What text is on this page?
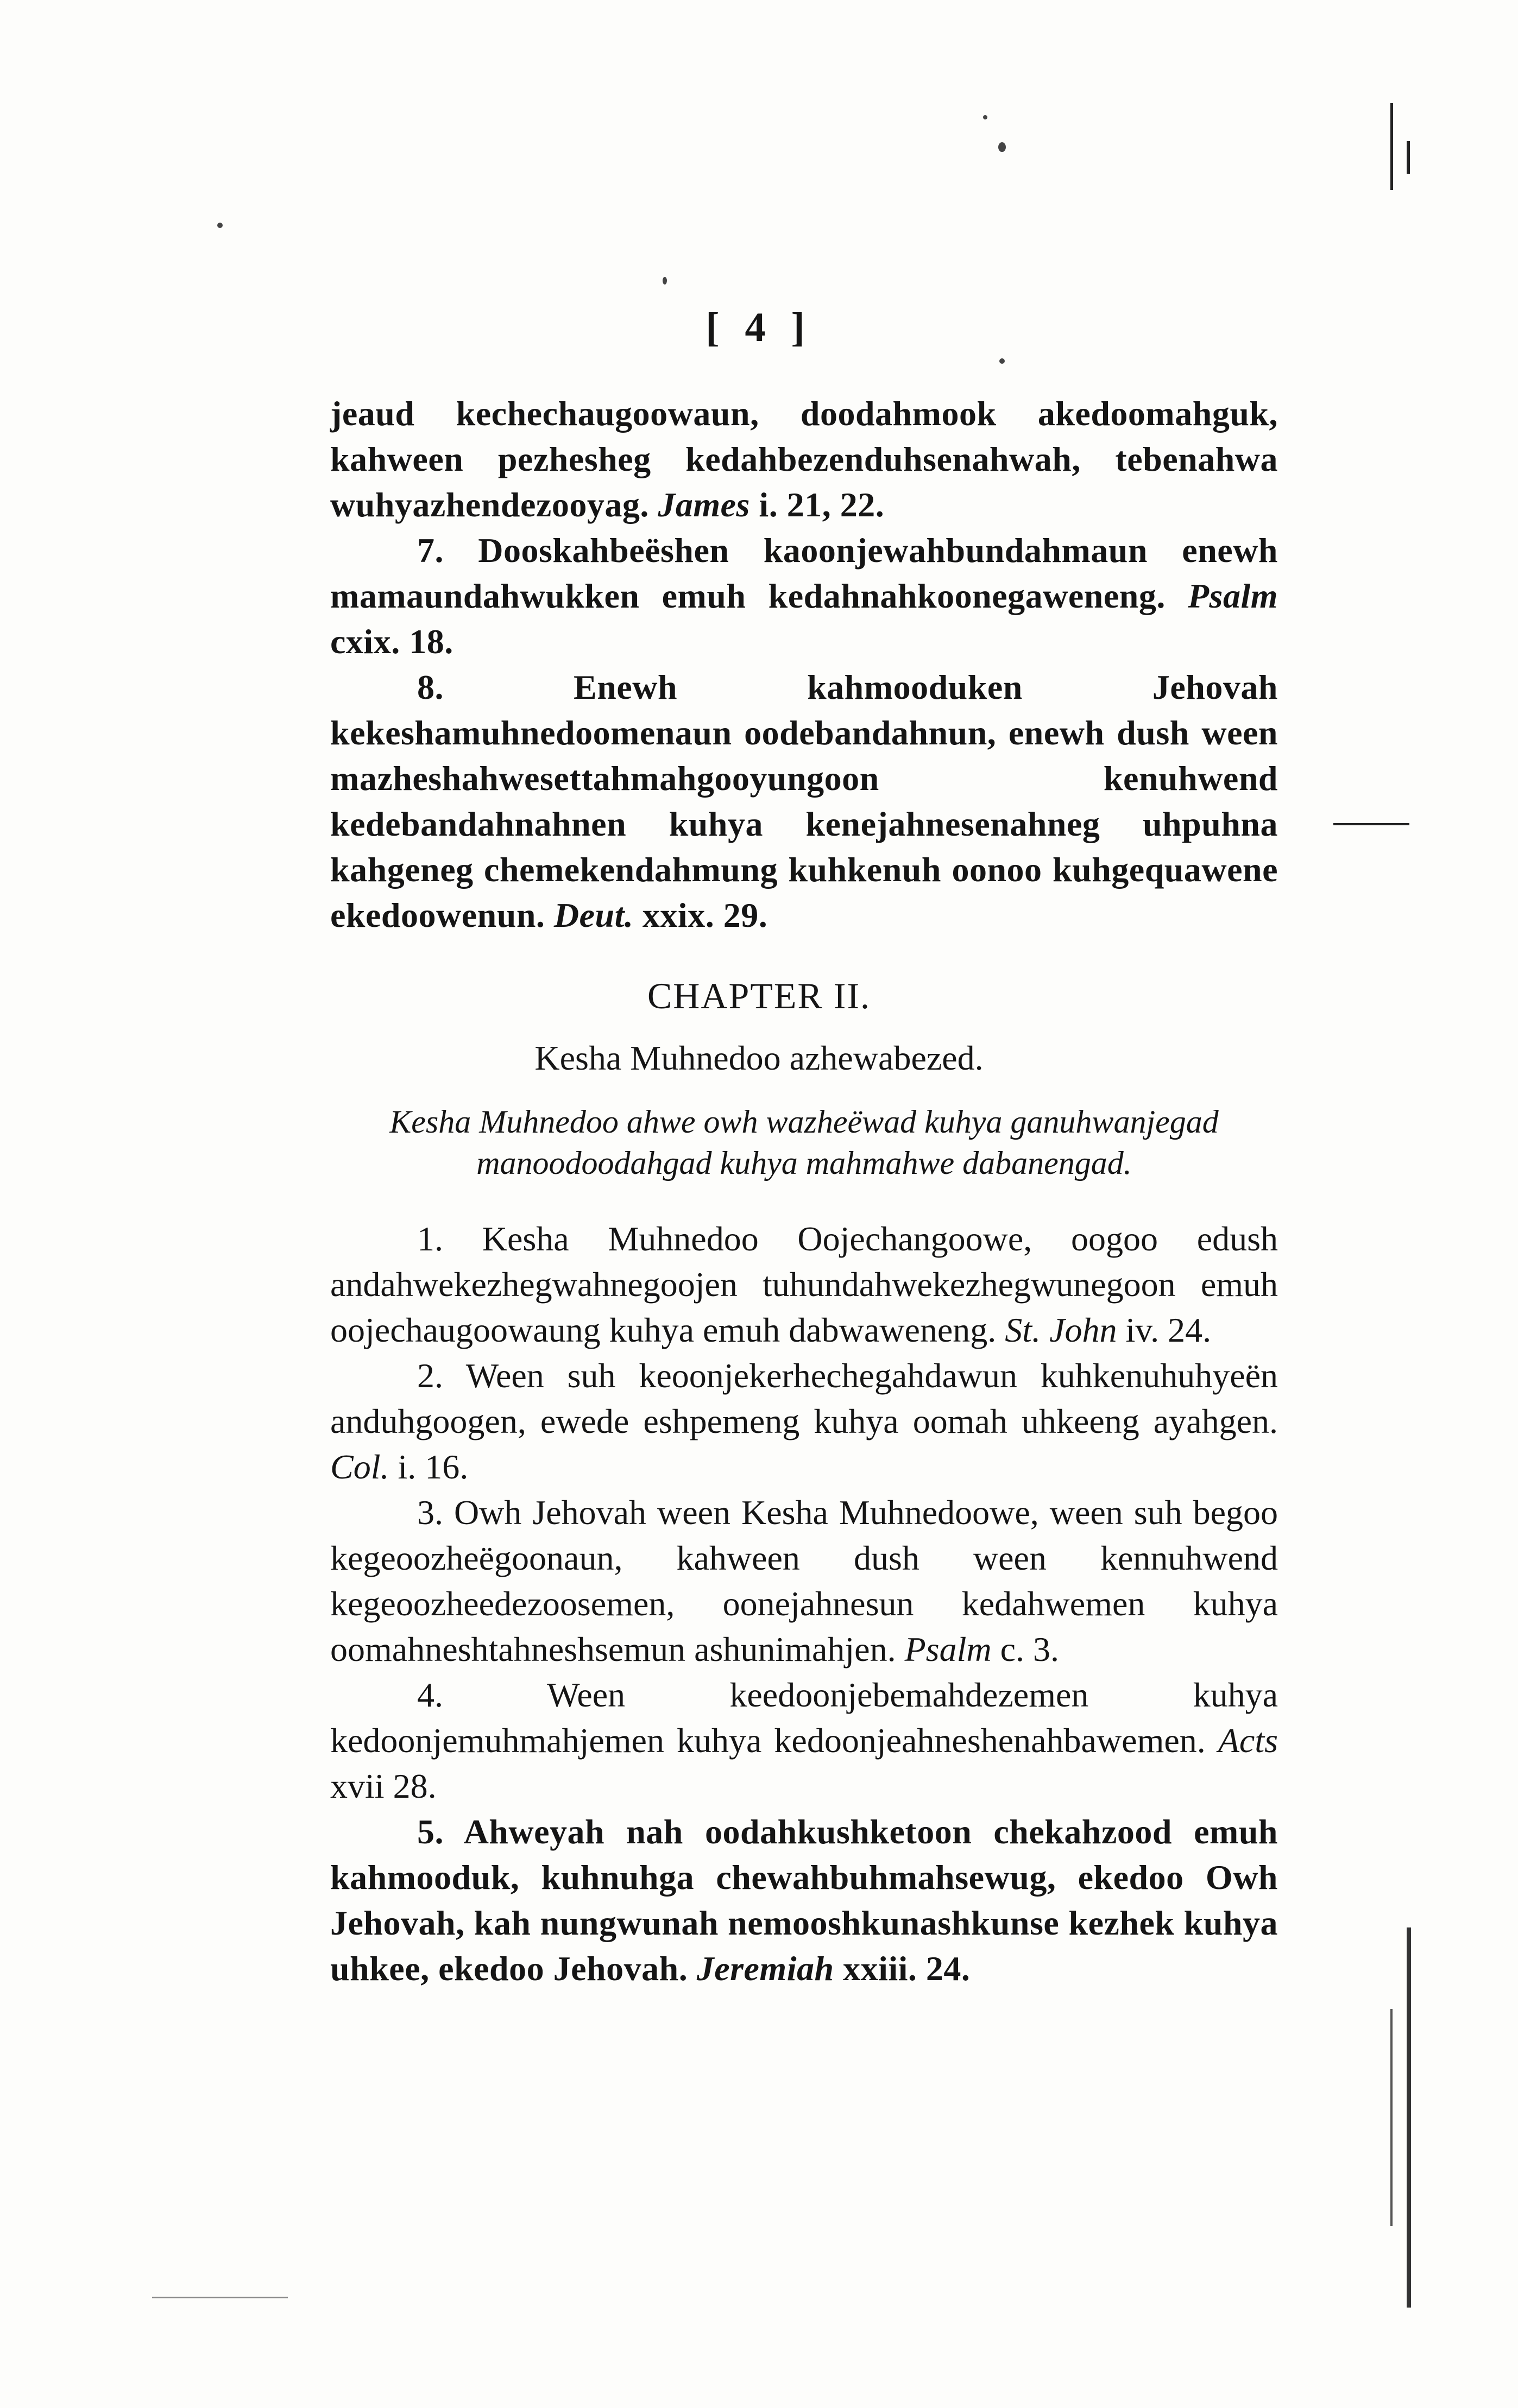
[ 4 ]

jeaud kechechaugoowaun, doodahmook akedoomahguk, kahween pezhesheg kedahbezenduhsenahwah, tebenahwa wuhyazhendezooyag. James i. 21, 22.

7. Dooskahbeëshen kaoonjewahbundahmaun enewh mamaundahwukken emuh kedahnahkoonegaweneng. Psalm cxix. 18.

8. Enewh kahmooduken Jehovah kekeshamuhnedoomenaun oodebandahnun, enewh dush ween mazheshahwesettahmahgooyungoon kenuhwend kedebandahnahnen kuhya kenejahnesenahneg uhpuhna kahgeneg chemekendahmung kuhkenuh oonoo kuhgequawene ekedoowenun. Deut. xxix. 29.

CHAPTER II.
Kesha Muhnedoo azhewabezed.
Kesha Muhnedoo ahwe owh wazheëwad kuhya ganuhwanjegad
manoodoodahgad kuhya mahmahwe dabanengad.

1. Kesha Muhnedoo Oojechangoowe, oogoo edush andahwekezhegwahnegoojen tuhundahwekezhegwunegoon emuh oojechaugoowaung kuhya emuh dabwaweneng. St. John iv. 24.

2. Ween suh keoonjekerhechegahdawun kuhkenuhuhyeën anduhgoogen, ewede eshpemeng kuhya oomah uhkeeng ayahgen. Col. i. 16.

3. Owh Jehovah ween Kesha Muhnedoowe, ween suh begoo kegeoozheëgoonaun, kahween dush ween kennuhwend kegeoozheedezoosemen, oonejahnesun kedahwemen kuhya oomahneshtahneshsemun ashunimahjen. Psalm c. 3.

4. Ween keedoonjebemahdezemen kuhya kedoonjemuhmahjemen kuhya kedoonjeahneshenahbawemen. Acts xvii 28.

5. Ahweyah nah oodahkushketoon chekahzood emuh kahmooduk, kuhnuhga chewahbuhmahsewug, ekedoo Owh Jehovah, kah nungwunah nemooshkunashkunse kezhek kuhya uhkee, ekedoo Jehovah. Jeremiah xxiii. 24.
